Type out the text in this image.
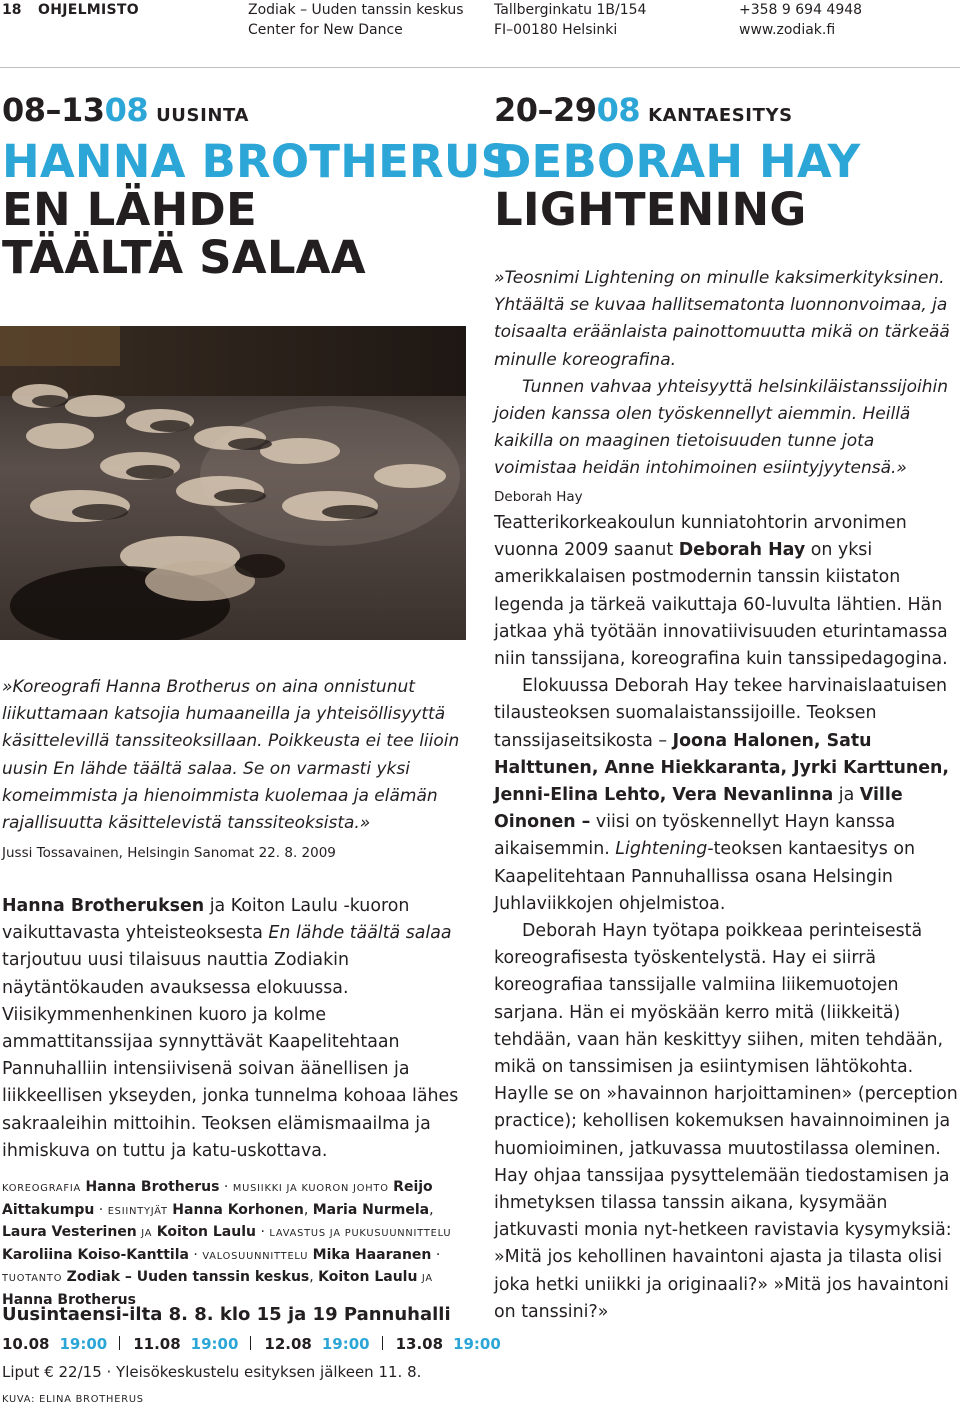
18 OHJELMISTO	Zodiak – Uuden tanssin keskus
Center for New Dance
Tallberginkatu 1B/154
FI–00180 Helsinki
+358 9 694 4948
www.zodiak.fi
08–1308 UUSINTA
HANNA BROTHERUS
EN LÄHDE
TÄÄLTÄ SALAA
20–2908 KANTAESITYS
DEBORAH HAY
LIGHTENING
»Koreografi Hanna Brotherus on aina onnistunut liikuttamaan katsojia humaaneilla ja yhteisöllisyyttä käsittelevillä tanssiteoksillaan. Poikkeusta ei tee liioin uusin En lähde täältä salaa. Se on varmasti yksi komeimmista ja hienoimmista kuolemaa ja elämän rajallisuutta käsittelevistä tanssiteoksista.»
Jussi Tossavainen, Helsingin Sanomat 22. 8. 2009

Hanna Brotheruksen ja Koiton Laulu -kuoron vaikuttavasta yhteisteoksesta En lähde täältä salaa tarjoutuu uusi tilaisuus nauttia Zodiakin näytäntökauden avauksessa elokuussa. Viisikymmenhenkinen kuoro ja kolme ammattitanssijaa synnyttävät Kaapelitehtaan Pannuhalliin intensiivisenä soivan äänellisen ja liikkeellisen ykseyden, jonka tunnelma kohoaa lähes sakraaleihin mittoihin. Teoksen elämismaailma ja ihmiskuva on tuttu ja katu-uskottava.

KOREOGRAFIA Hanna Brotherus · MUSIIKKI JA KUORON JOHTO Reijo Aittakumpu · ESIINTYJÄT Hanna Korhonen, Maria Nurmela, Laura Vesterinen JA Koiton Laulu · LAVASTUS JA PUKUSUUNNITTELU Karoliina Koiso-Kanttila · VALOSUUNNITTELU Mika Haaranen · TUOTANTO Zodiak – Uuden tanssin keskus, Koiton Laulu JA Hanna Brotherus
Uusintaensi-ilta 8. 8. klo 15 ja 19 Pannuhalli
10.08 19:00 11.08 19:00 12.08 19:00 13.08 19:00
Liput € 22/15 · Yleisökeskustelu esityksen jälkeen 11. 8.
KUVA: ELINA BROTHERUS

»Teosnimi Lightening on minulle kaksimerkityksinen. Yhtäältä se kuvaa hallitsematonta luonnonvoimaa, ja toisaalta eräänlaista painottomuutta mikä on tärkeää minulle koreografina.

Tunnen vahvaa yhteisyyttä helsinkiläistanssijoihin joiden kanssa olen työskennellyt aiemmin. Heillä kaikilla on maaginen tietoisuuden tunne jota voimistaa heidän intohimoinen esiintyjyytensä.» Deborah Hay

Teatterikorkeakoulun kunniatohtorin arvonimen vuonna 2009 saanut Deborah Hay on yksi amerikkalaisen postmodernin tanssin kiistaton legenda ja tärkeä vaikuttaja 60-luvulta lähtien. Hän jatkaa yhä työtään innovatiivisuuden eturintamassa niin tanssijana, koreografina kuin tanssipedagogina.

Elokuussa Deborah Hay tekee harvinaislaatuisen tilausteoksen suomalaistanssijoille. Teoksen tanssijaseitsikosta – Joona Halonen, Satu Halttunen, Anne Hiekkaranta, Jyrki Karttunen, Jenni-Elina Lehto, Vera Nevanlinna ja Ville Oinonen – viisi on työskennellyt Hayn kanssa aikaisemmin. Lightening-teoksen kantaesitys on Kaapelitehtaan Pannuhallissa osana Helsingin Juhlaviikkojen ohjelmistoa.

Deborah Hayn työtapa poikkeaa perinteisestä koreografisesta työskentelystä. Hay ei siirrä koreografiaa tanssijalle valmiina liikemuotojen sarjana. Hän ei myöskään kerro mitä (liikkeitä) tehdään, vaan hän keskittyy siihen, miten tehdään, mikä on tanssimisen ja esiintymisen lähtökohta. Haylle se on »havainnon harjoittaminen» (perception practice); kehollisen kokemuksen havainnoiminen ja huomioiminen, jatkuvassa muutostilassa oleminen. Hay ohjaa tanssijaa pysyttelemään tiedostamisen ja ihmetyksen tilassa tanssin aikana, kysymään jatkuvasti monia nyt-hetkeen ravistavia kysymyksiä: »Mitä jos kehollinen havaintoni ajasta ja tilasta olisi joka hetki uniikki ja originaali?» »Mitä jos havaintoni on tanssini?»
